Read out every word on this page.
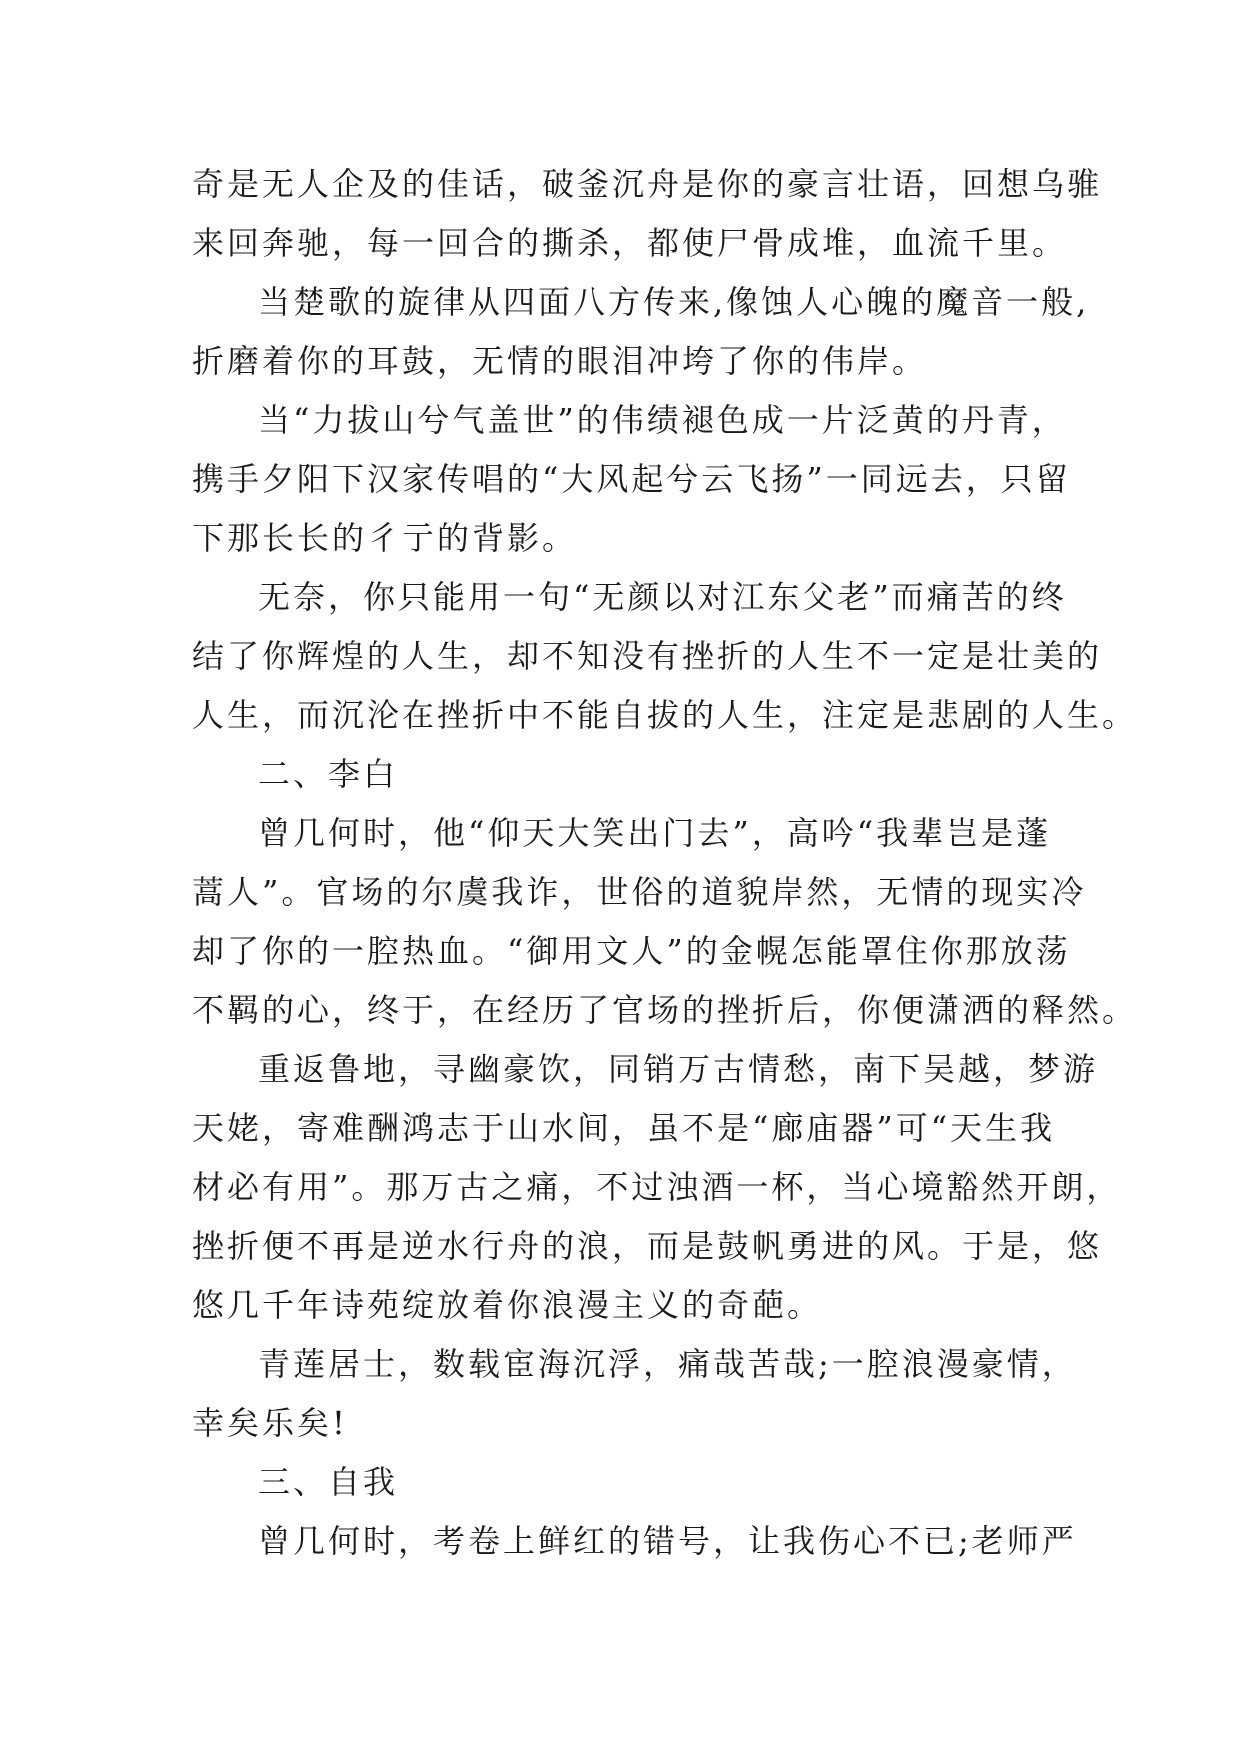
奇是无人企及的佳话，破釜沉舟是你的豪言壮语，回想乌骓
来回奔驰，每一回合的撕杀，都使尸骨成堆，血流千里。
当楚歌的旋律从四面八方传来,像蚀人心魄的魔音一般,
折磨着你的耳鼓，无情的眼泪冲垮了你的伟岸。
当“力拔山兮气盖世”的伟绩褪色成一片泛黄的丹青，
携手夕阳下汉家传唱的“大风起兮云飞扬”一同远去，只留
下那长长的彳亍的背影。
无奈，你只能用一句“无颜以对江东父老”而痛苦的终
结了你辉煌的人生，却不知没有挫折的人生不一定是壮美的
人生，而沉沦在挫折中不能自拔的人生，注定是悲剧的人生。
二、李白
曾几何时，他“仰天大笑出门去”，高吟“我辈岂是蓬
蒿人”。官场的尔虞我诈，世俗的道貌岸然，无情的现实冷
却了你的一腔热血。“御用文人”的金幌怎能罩住你那放荡
不羁的心，终于，在经历了官场的挫折后，你便潇洒的释然。
重返鲁地，寻幽豪饮，同销万古情愁，南下吴越，梦游
天姥，寄难酬鸿志于山水间，虽不是“廊庙器”可“天生我
材必有用”。那万古之痛，不过浊酒一杯，当心境豁然开朗，
挫折便不再是逆水行舟的浪，而是鼓帆勇进的风。于是，悠
悠几千年诗苑绽放着你浪漫主义的奇葩。
青莲居士，数载宦海沉浮，痛哉苦哉;一腔浪漫豪情，
幸矣乐矣!
三、自我
曾几何时，考卷上鲜红的错号，让我伤心不已;老师严
